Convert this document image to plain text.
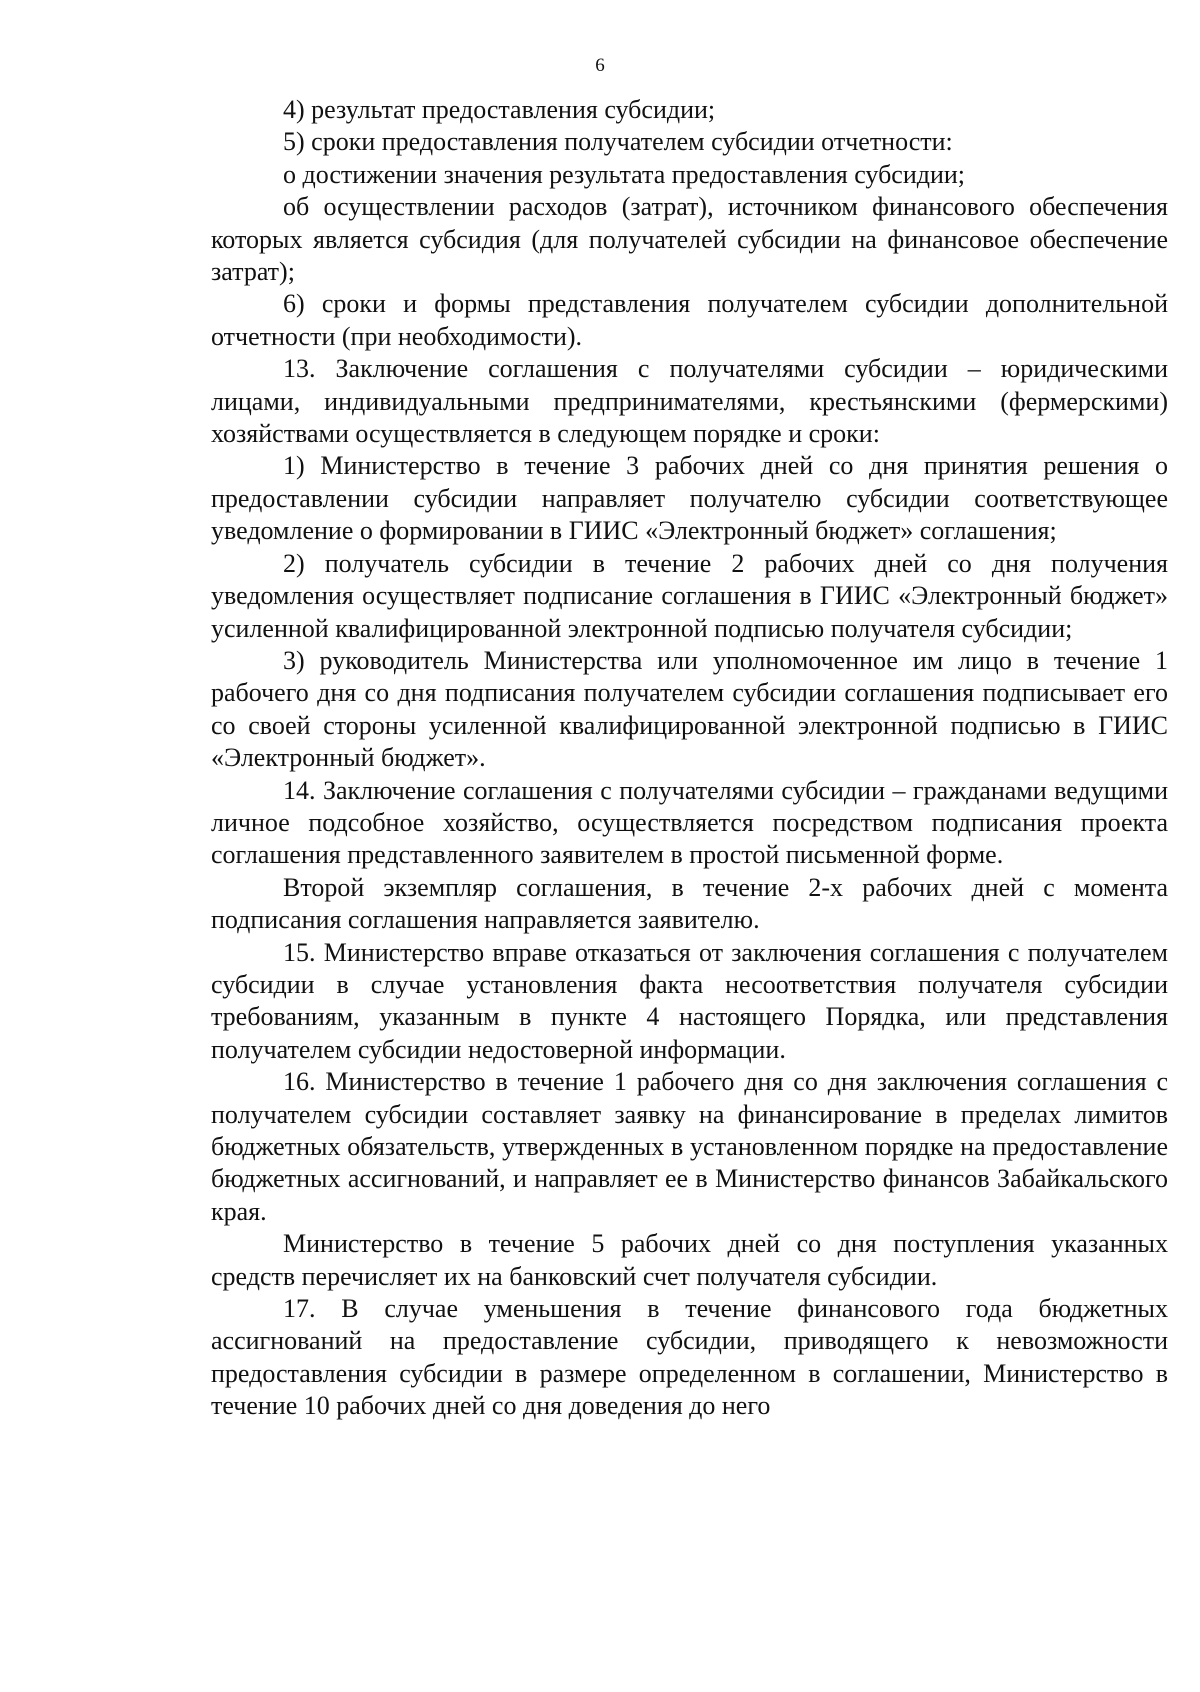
6

4) результат предоставления субсидии;

5) сроки предоставления получателем субсидии отчетности:

о достижении значения результата предоставления субсидии;

об осуществлении расходов (затрат), источником финансового обеспечения которых является субсидия (для получателей субсидии на финансовое обеспечение затрат);

6) сроки и формы представления получателем субсидии дополнительной отчетности (при необходимости).

13. Заключение соглашения с получателями субсидии – юридическими лицами, индивидуальными предпринимателями, крестьянскими (фермерскими) хозяйствами осуществляется в следующем порядке и сроки:

1) Министерство в течение 3 рабочих дней со дня принятия решения о предоставлении субсидии направляет получателю субсидии соответствующее уведомление о формировании в ГИИС «Электронный бюджет» соглашения;

2) получатель субсидии в течение 2 рабочих дней со дня получения уведомления осуществляет подписание соглашения в ГИИС «Электронный бюджет» усиленной квалифицированной электронной подписью получателя субсидии;

3) руководитель Министерства или уполномоченное им лицо в течение 1 рабочего дня со дня подписания получателем субсидии соглашения подписывает его со своей стороны усиленной квалифицированной электронной подписью в ГИИС «Электронный бюджет».

14. Заключение соглашения с получателями субсидии – гражданами ведущими личное подсобное хозяйство, осуществляется посредством подписания проекта соглашения представленного заявителем в простой письменной форме.

Второй экземпляр соглашения, в течение 2-х рабочих дней с момента подписания соглашения направляется заявителю.

15. Министерство вправе отказаться от заключения соглашения с получателем субсидии в случае установления факта несоответствия получателя субсидии требованиям, указанным в пункте 4 настоящего Порядка, или представления получателем субсидии недостоверной информации.

16. Министерство в течение 1 рабочего дня со дня заключения соглашения с получателем субсидии составляет заявку на финансирование в пределах лимитов бюджетных обязательств, утвержденных в установленном порядке на предоставление бюджетных ассигнований, и направляет ее в Министерство финансов Забайкальского края.

Министерство в течение 5 рабочих дней со дня поступления указанных средств перечисляет их на банковский счет получателя субсидии.

17. В случае уменьшения в течение финансового года бюджетных ассигнований на предоставление субсидии, приводящего к невозможности предоставления субсидии в размере определенном в соглашении, Министерство в течение 10 рабочих дней со дня доведения до него
